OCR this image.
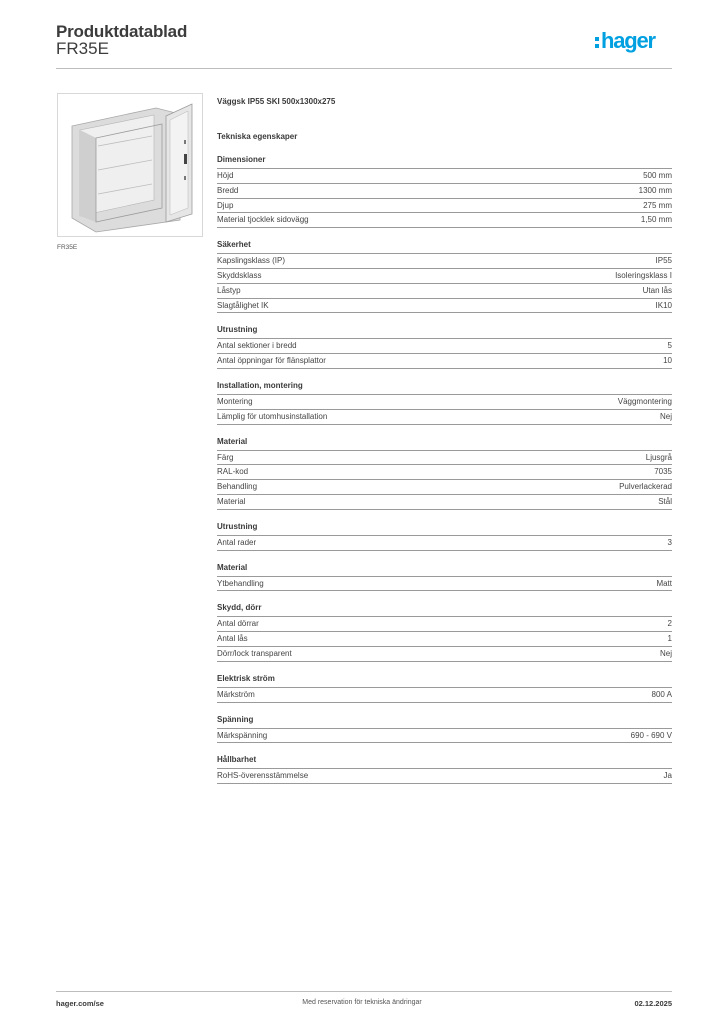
Produktdatablad
FR35E	hager
FR35E
Väggsk IP55 SKI 500x1300x275
Tekniska egenskaper
Dimensioner
Höjd	500 mm
Bredd	1300 mm
Djup	275 mm
Material tjocklek sidovägg	1,50 mm
Säkerhet
Kapslingsklass (IP)	IP55
Skyddsklass	Isoleringsklass I
Låstyp	Utan lås
Slagtålighet IK	IK10
Utrustning
Antal sektioner i bredd	5
Antal öppningar för flänsplattor	10
Installation, montering
Montering	Väggmontering
Lämplig för utomhusinstallation	Nej
Material
Färg	Ljusgrå
RAL-kod	7035
Behandling	Pulverlackerad
Material	Stål
Utrustning
Antal rader	3
Material
Ytbehandling	Matt
Skydd, dörr
Antal dörrar	2
Antal lås	1
Dörr/lock transparent	Nej
Elektrisk ström
Märkström	800 A
Spänning
Märkspänning	690 - 690 V
Hållbarhet
RoHS-överensstämmelse	Ja
hager.com/se	Med reservation för tekniska ändringar	02.12.2025
